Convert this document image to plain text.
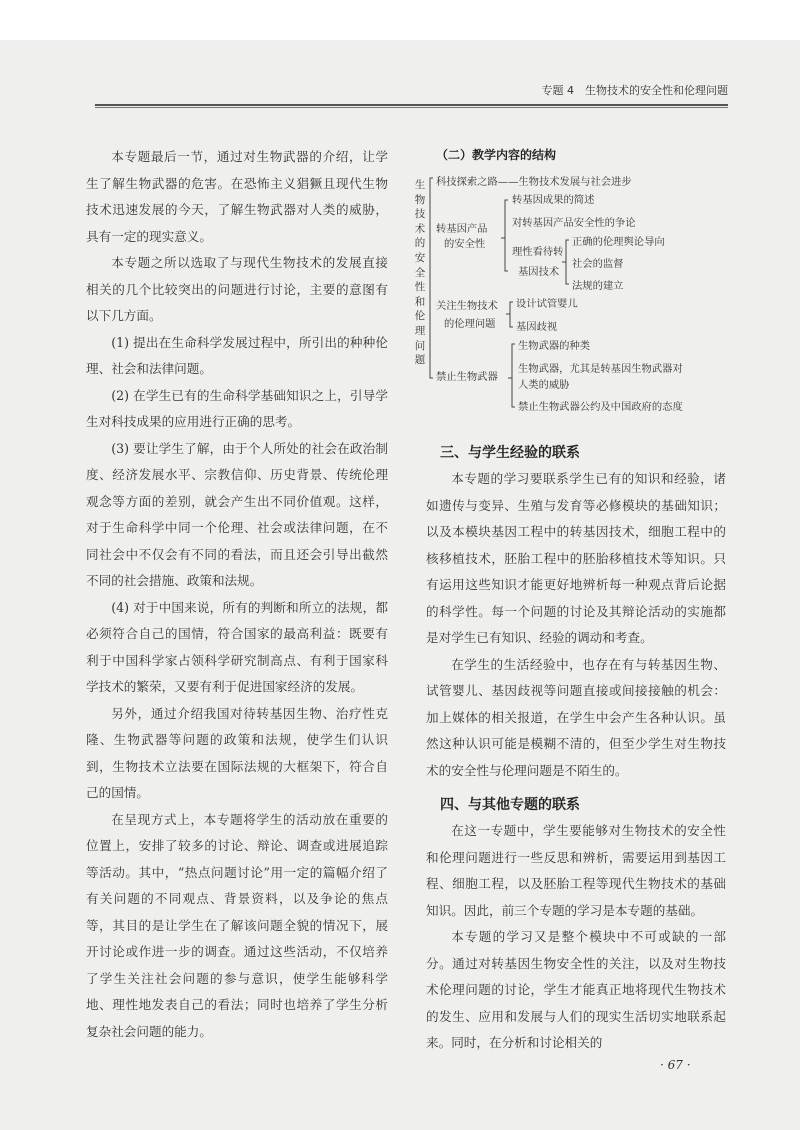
专题 4　生物技术的安全性和伦理问题

本专题最后一节，通过对生物武器的介绍，让学生了解生物武器的危害。在恐怖主义猖獗且现代生物技术迅速发展的今天，了解生物武器对人类的威胁，具有一定的现实意义。

本专题之所以选取了与现代生物技术的发展直接相关的几个比较突出的问题进行讨论，主要的意图有以下几方面。

(1) 提出在生命科学发展过程中，所引出的种种伦理、社会和法律问题。

(2) 在学生已有的生命科学基础知识之上，引导学生对科技成果的应用进行正确的思考。

(3) 要让学生了解，由于个人所处的社会在政治制度、经济发展水平、宗教信仰、历史背景、传统伦理观念等方面的差别，就会产生出不同价值观。这样，对于生命科学中同一个伦理、社会或法律问题，在不同社会中不仅会有不同的看法，而且还会引导出截然不同的社会措施、政策和法规。

(4) 对于中国来说，所有的判断和所立的法规，都必须符合自己的国情，符合国家的最高利益：既要有利于中国科学家占领科学研究制高点、有利于国家科学技术的繁荣，又要有利于促进国家经济的发展。

另外，通过介绍我国对待转基因生物、治疗性克隆、生物武器等问题的政策和法规，使学生们认识到，生物技术立法要在国际法规的大框架下，符合自己的国情。

在呈现方式上，本专题将学生的活动放在重要的位置上，安排了较多的讨论、辩论、调查或进展追踪等活动。其中，“热点问题讨论”用一定的篇幅介绍了有关问题的不同观点、背景资料，以及争论的焦点等，其目的是让学生在了解该问题全貌的情况下，展开讨论或作进一步的调查。通过这些活动，不仅培养了学生关注社会问题的参与意识，使学生能够科学地、理性地发表自己的看法；同时也培养了学生分析复杂社会问题的能力。

（二）教学内容的结构
生
物
技
术
的
安
全
性
和
伦
理
问
题
科技探索之路——生物技术发展与社会进步
转基因产品
的安全性
转基因成果的简述
对转基因产品安全性的争论
理性看待转
基因技术
正确的伦理舆论导向
社会的监督
法规的建立
关注生物技术
的伦理问题
设计试管婴儿
基因歧视
禁止生物武器
生物武器的种类
生物武器，尤其是转基因生物武器对
人类的威胁
禁止生物武器公约及中国政府的态度
三、与学生经验的联系

本专题的学习要联系学生已有的知识和经验，诸如遗传与变异、生殖与发育等必修模块的基础知识；以及本模块基因工程中的转基因技术，细胞工程中的核移植技术，胚胎工程中的胚胎移植技术等知识。只有运用这些知识才能更好地辨析每一种观点背后论据的科学性。每一个问题的讨论及其辩论活动的实施都是对学生已有知识、经验的调动和考查。

在学生的生活经验中，也存在有与转基因生物、试管婴儿、基因歧视等问题直接或间接接触的机会：加上媒体的相关报道，在学生中会产生各种认识。虽然这种认识可能是模糊不清的，但至少学生对生物技术的安全性与伦理问题是不陌生的。

四、与其他专题的联系

在这一专题中，学生要能够对生物技术的安全性和伦理问题进行一些反思和辨析，需要运用到基因工程、细胞工程，以及胚胎工程等现代生物技术的基础知识。因此，前三个专题的学习是本专题的基础。

本专题的学习又是整个模块中不可或缺的一部分。通过对转基因生物安全性的关注，以及对生物技术伦理问题的讨论，学生才能真正地将现代生物技术的发生、应用和发展与人们的现实生活切实地联系起来。同时，在分析和讨论相关的

· 67 ·
